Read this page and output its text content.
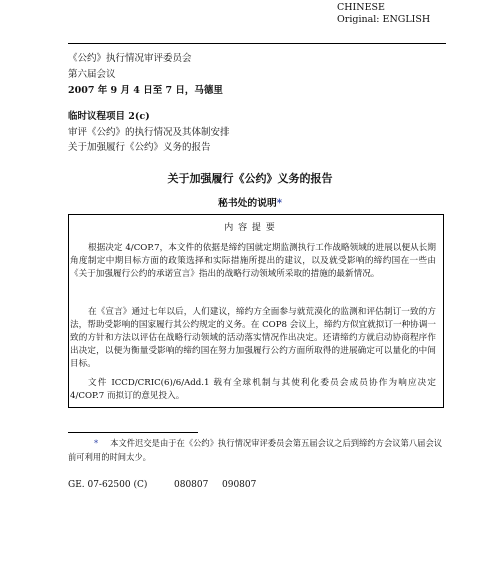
CHINESE
Original: ENGLISH
《公约》执行情况审评委员会
第六届会议
2007 年 9 月 4 日至 7 日，马德里
临时议程项目 2(c)
审评《公约》的执行情况及其体制安排
关于加强履行《公约》义务的报告
关于加强履行《公约》义务的报告
秘书处的说明*
内 容 提 要
根据决定 4/COP.7，本文件的依据是缔约国就定期监测执行工作战略领域的进展以便从长期角度制定中期目标方面的政策选择和实际措施所提出的建议，以及就受影响的缔约国在一些由《关于加强履行公约的承诺宣言》指出的战略行动领域所采取的措施的最新情况。
在《宣言》通过七年以后，人们建议，缔约方全面参与就荒漠化的监测和评估制订一致的方法，帮助受影响的国家履行其公约规定的义务。在 COP8 会议上，缔约方似宜就拟订一种协调一致的方针和方法以评估在战略行动领域的活动落实情况作出决定。还请缔约方就启动协商程序作出决定，以便为衡量受影响的缔约国在努力加强履行公约方面所取得的进展确定可以量化的中间目标。
文件 ICCD/CRIC(6)/6/Add.1 载有全球机制与其使利化委员会成员协作为响应决定 4/COP.7 而拟订的意见投入。
* 本文件迟交是由于在《公约》执行情况审评委员会第五届会议之后到缔约方会议第八届会议前可利用的时间太少。
GE. 07-62500 (C)	080807 090807
